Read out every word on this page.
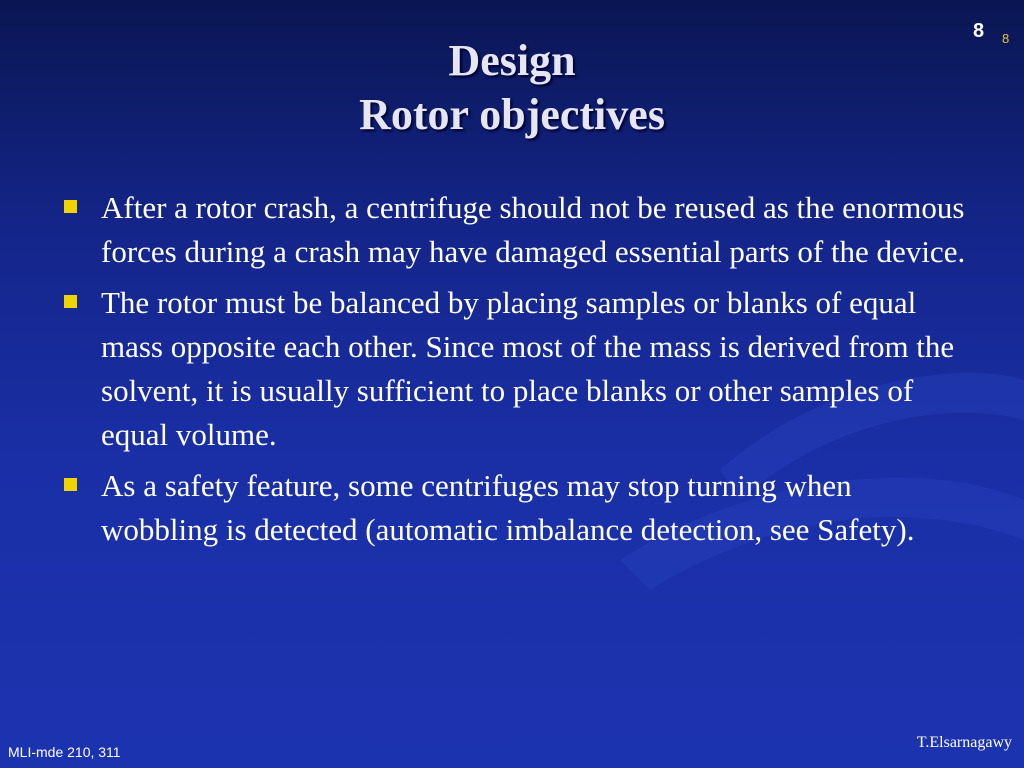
8 8
Design
Rotor objectives
After a rotor crash, a centrifuge should not be reused as the enormous forces during a crash may have damaged essential parts of the device.
The rotor must be balanced by placing samples or blanks of equal mass opposite each other. Since most of the mass is derived from the solvent, it is usually sufficient to place blanks or other samples of equal volume.
As a safety feature, some centrifuges may stop turning when wobbling is detected (automatic imbalance detection, see Safety).
MLI-mde 210, 311
T.Elsarnagawy
